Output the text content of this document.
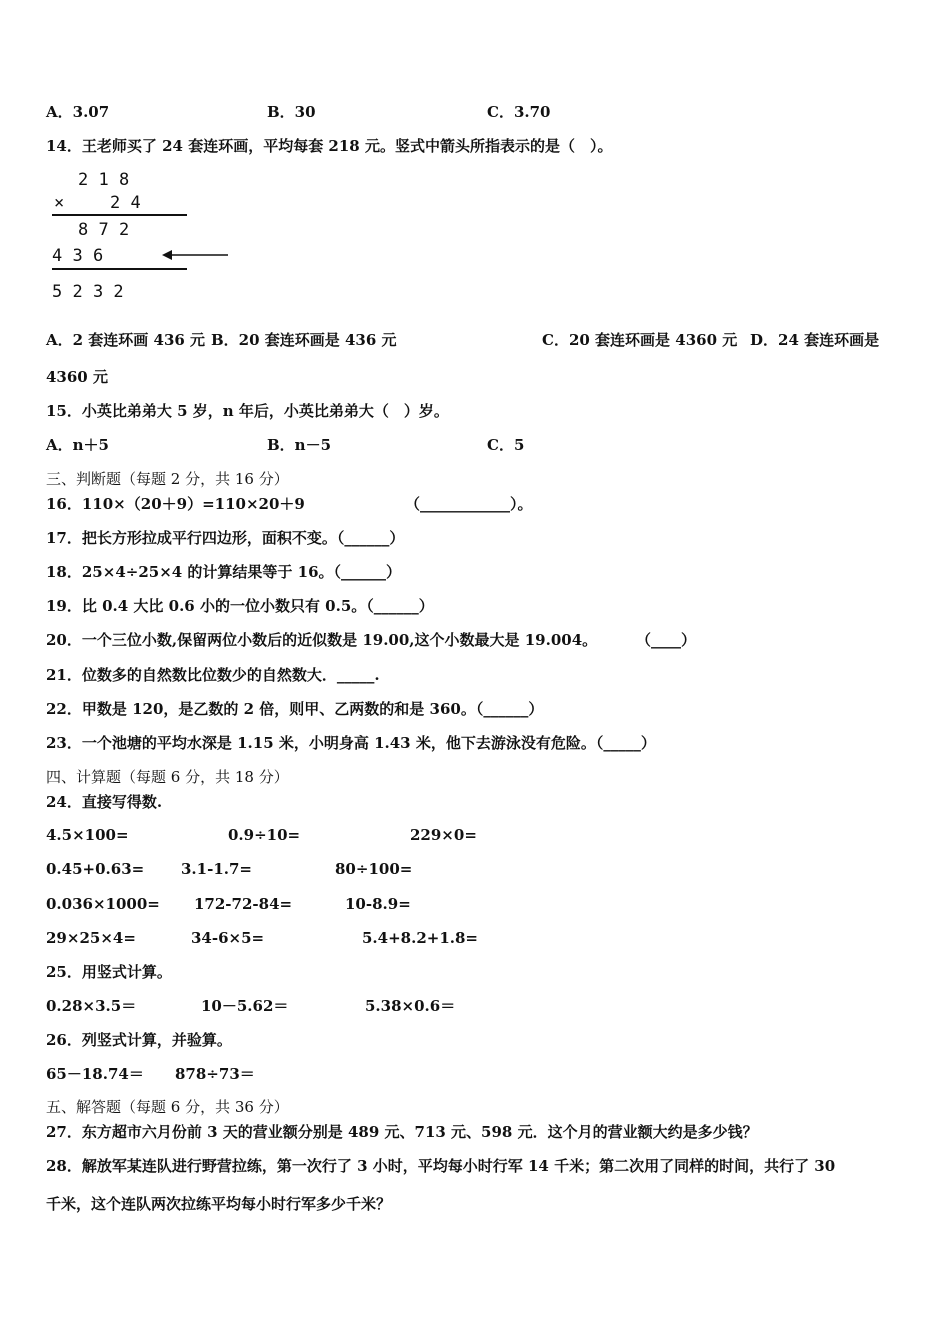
A．3.07	B．30	C．3.70
14．王老师买了 24 套连环画，平均每套 218 元。竖式中箭头所指表示的是（　）。
2 1 8
×	2 4
8 7 2
4 3 6
5 2 3 2
A．2 套连环画 436 元 B．20 套连环画是 436 元	C．20 套连环画是 4360 元 D．24 套连环画是
4360 元
15．小英比弟弟大 5 岁，n 年后，小英比弟弟大（　）岁。
A．n＋5	B．n－5	C．5
三、判断题（每题 2 分，共 16 分）
16．110×（20＋9）=110×20＋9	（____________）。
17．把长方形拉成平行四边形，面积不变。（______）
18．25×4÷25×4 的计算结果等于 16。（______）
19．比 0.4 大比 0.6 小的一位小数只有 0.5。（______）
20．一个三位小数,保留两位小数后的近似数是 19.00,这个小数最大是 19.004。	（____）
21．位数多的自然数比位数少的自然数大．_____.
22．甲数是 120，是乙数的 2 倍，则甲、乙两数的和是 360。（______）
23．一个池塘的平均水深是 1.15 米，小明身高 1.43 米，他下去游泳没有危险。（_____）
四、计算题（每题 6 分，共 18 分）
24．直接写得数.
4.5×100=	0.9÷10=	229×0=
0.45+0.63= 3.1-1.7=	80÷100=
0.036×1000= 172-72-84=	10-8.9=
29×25×4=	34-6×5=	5.4+8.2+1.8=
25．用竖式计算。
0.28×3.5＝	10－5.62＝	5.38×0.6＝
26．列竖式计算，并验算。
65－18.74＝ 878÷73＝
五、解答题（每题 6 分，共 36 分）
27．东方超市六月份前 3 天的营业额分别是 489 元、713 元、598 元．这个月的营业额大约是多少钱？
28．解放军某连队进行野营拉练，第一次行了 3 小时，平均每小时行军 14 千米；第二次用了同样的时间，共行了 30
千米，这个连队两次拉练平均每小时行军多少千米？
